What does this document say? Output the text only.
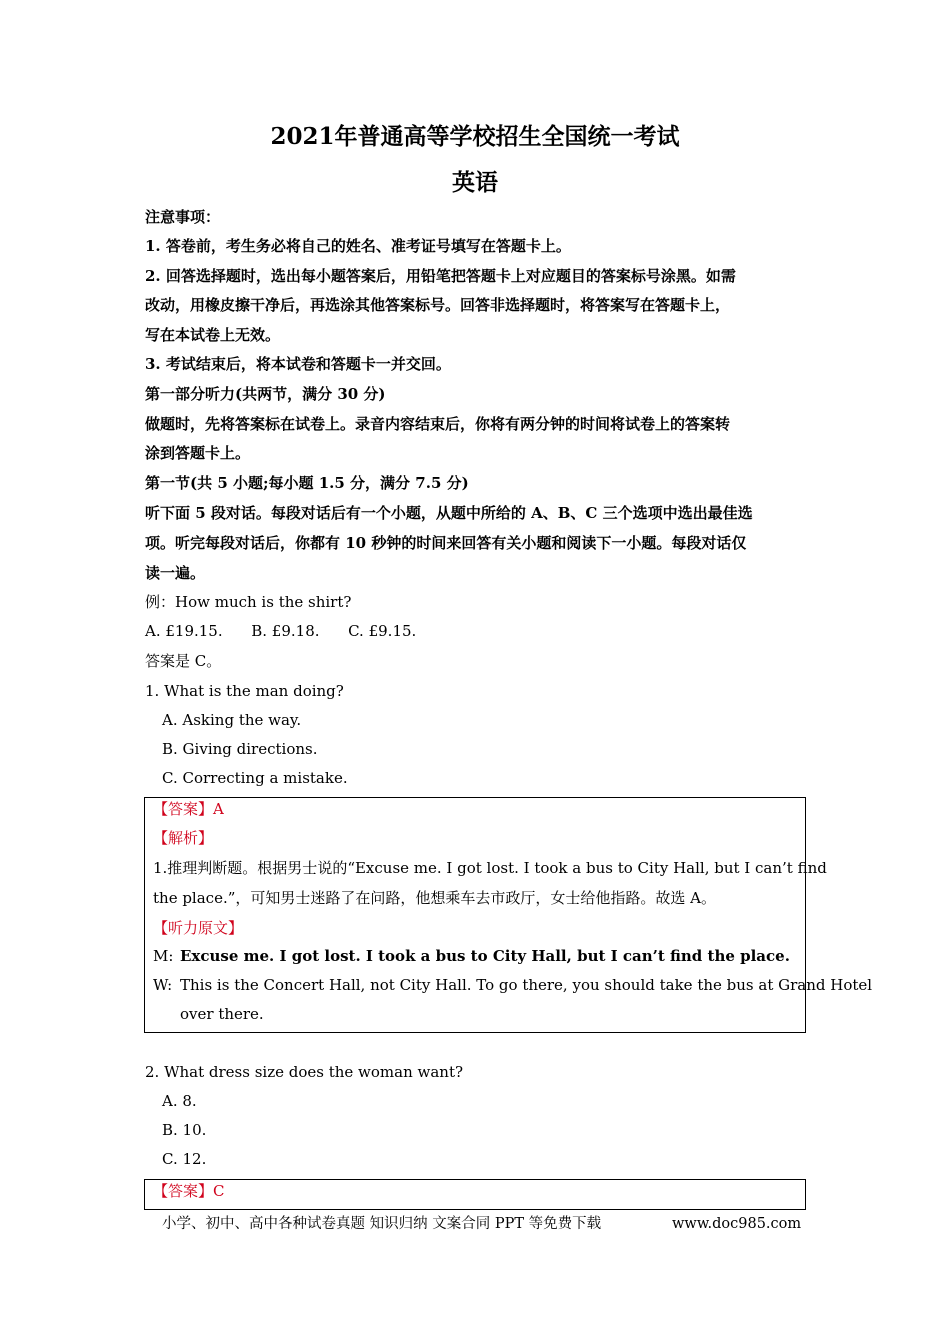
2021年普通高等学校招生全国统一考试
英语
注意事项：
1. 答卷前，考生务必将自己的姓名、准考证号填写在答题卡上。
2. 回答选择题时，选出每小题答案后，用铅笔把答题卡上对应题目的答案标号涂黑。如需
改动，用橡皮擦干净后，再选涂其他答案标号。回答非选择题时，将答案写在答题卡上，
写在本试卷上无效。
3. 考试结束后，将本试卷和答题卡一并交回。
第一部分听力(共两节，满分 30 分)
做题时，先将答案标在试卷上。录音内容结束后，你将有两分钟的时间将试卷上的答案转
涂到答题卡上。
第一节(共 5 小题;每小题 1.5 分，满分 7.5 分)
听下面 5 段对话。每段对话后有一个小题，从题中所给的 A、B、C 三个选项中选出最佳选
项。听完每段对话后，你都有 10 秒钟的时间来回答有关小题和阅读下一小题。每段对话仅
读一遍。
例：How much is the shirt?
A. £19.15.      B. £9.18.      C. £9.15.
答案是 C。
1. What is the man doing?
A. Asking the way.
B. Giving directions.
C. Correcting a mistake.
【答案】A
【解析】
1.推理判断题。根据男士说的“Excuse me. I got lost. I took a bus to City Hall, but I can’t find
the place.”，可知男士迷路了在问路，他想乘车去市政厅，女士给他指路。故选 A。
【听力原文】
M: Excuse me. I got lost. I took a bus to City Hall, but I can’t find the place.
W: This is the Concert Hall, not City Hall. To go there, you should take the bus at Grand Hotel
over there.
2. What dress size does the woman want?
A. 8.
B. 10.
C. 12.
【答案】C
小学、初中、高中各种试卷真题 知识归纳 文案合同 PPT 等免费下载	www.doc985.com
